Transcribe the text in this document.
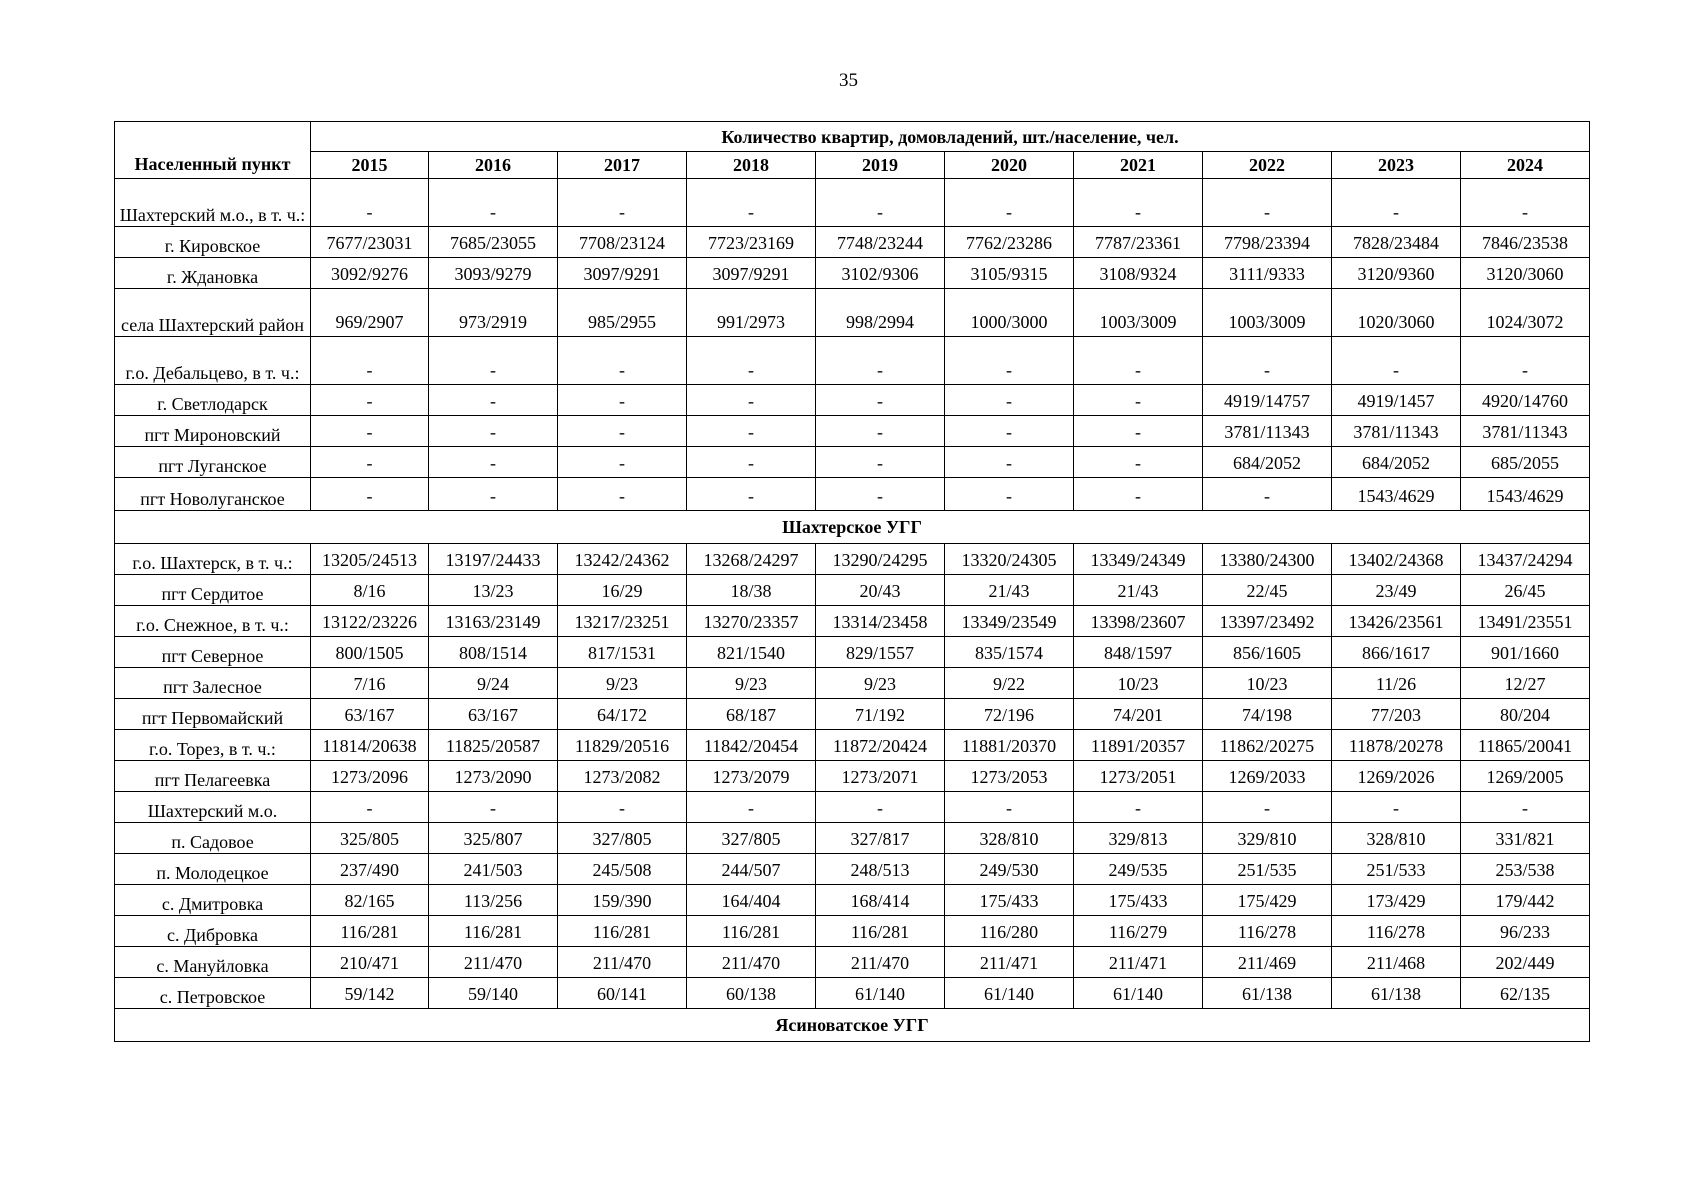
35
Населенный пункт	Количество квартир, домовладений, шт./население, чел.									
	2015	2016	2017	2018	2019	2020	2021	2022	2023	2024
Шахтерский м.о., в т. ч.:	-	-	-	-	-	-	-	-	-	-
г. Кировское	7677/23031	7685/23055	7708/23124	7723/23169	7748/23244	7762/23286	7787/23361	7798/23394	7828/23484	7846/23538
г. Ждановка	3092/9276	3093/9279	3097/9291	3097/9291	3102/9306	3105/9315	3108/9324	3111/9333	3120/9360	3120/3060
села Шахтерский район	969/2907	973/2919	985/2955	991/2973	998/2994	1000/3000	1003/3009	1003/3009	1020/3060	1024/3072
г.о. Дебальцево, в т. ч.:	-	-	-	-	-	-	-	-	-	-
г. Светлодарск	-	-	-	-	-	-	-	4919/14757	4919/1457	4920/14760
пгт Мироновский	-	-	-	-	-	-	-	3781/11343	3781/11343	3781/11343
пгт Луганское	-	-	-	-	-	-	-	684/2052	684/2052	685/2055
пгт Новолуганское	-	-	-	-	-	-	-	-	1543/4629	1543/4629
Шахтерское УГГ										
г.о. Шахтерск, в т. ч.:	13205/24513	13197/24433	13242/24362	13268/24297	13290/24295	13320/24305	13349/24349	13380/24300	13402/24368	13437/24294
пгт Сердитое	8/16	13/23	16/29	18/38	20/43	21/43	21/43	22/45	23/49	26/45
г.о. Снежное, в т. ч.:	13122/23226	13163/23149	13217/23251	13270/23357	13314/23458	13349/23549	13398/23607	13397/23492	13426/23561	13491/23551
пгт Северное	800/1505	808/1514	817/1531	821/1540	829/1557	835/1574	848/1597	856/1605	866/1617	901/1660
пгт Залесное	7/16	9/24	9/23	9/23	9/23	9/22	10/23	10/23	11/26	12/27
пгт Первомайский	63/167	63/167	64/172	68/187	71/192	72/196	74/201	74/198	77/203	80/204
г.о. Торез, в т. ч.:	11814/20638	11825/20587	11829/20516	11842/20454	11872/20424	11881/20370	11891/20357	11862/20275	11878/20278	11865/20041
пгт Пелагеевка	1273/2096	1273/2090	1273/2082	1273/2079	1273/2071	1273/2053	1273/2051	1269/2033	1269/2026	1269/2005
Шахтерский м.о.	-	-	-	-	-	-	-	-	-	-
п. Садовое	325/805	325/807	327/805	327/805	327/817	328/810	329/813	329/810	328/810	331/821
п. Молодецкое	237/490	241/503	245/508	244/507	248/513	249/530	249/535	251/535	251/533	253/538
с. Дмитровка	82/165	113/256	159/390	164/404	168/414	175/433	175/433	175/429	173/429	179/442
с. Дибровка	116/281	116/281	116/281	116/281	116/281	116/280	116/279	116/278	116/278	96/233
с. Мануйловка	210/471	211/470	211/470	211/470	211/470	211/471	211/471	211/469	211/468	202/449
с. Петровское	59/142	59/140	60/141	60/138	61/140	61/140	61/140	61/138	61/138	62/135
Ясиноватское УГГ										
